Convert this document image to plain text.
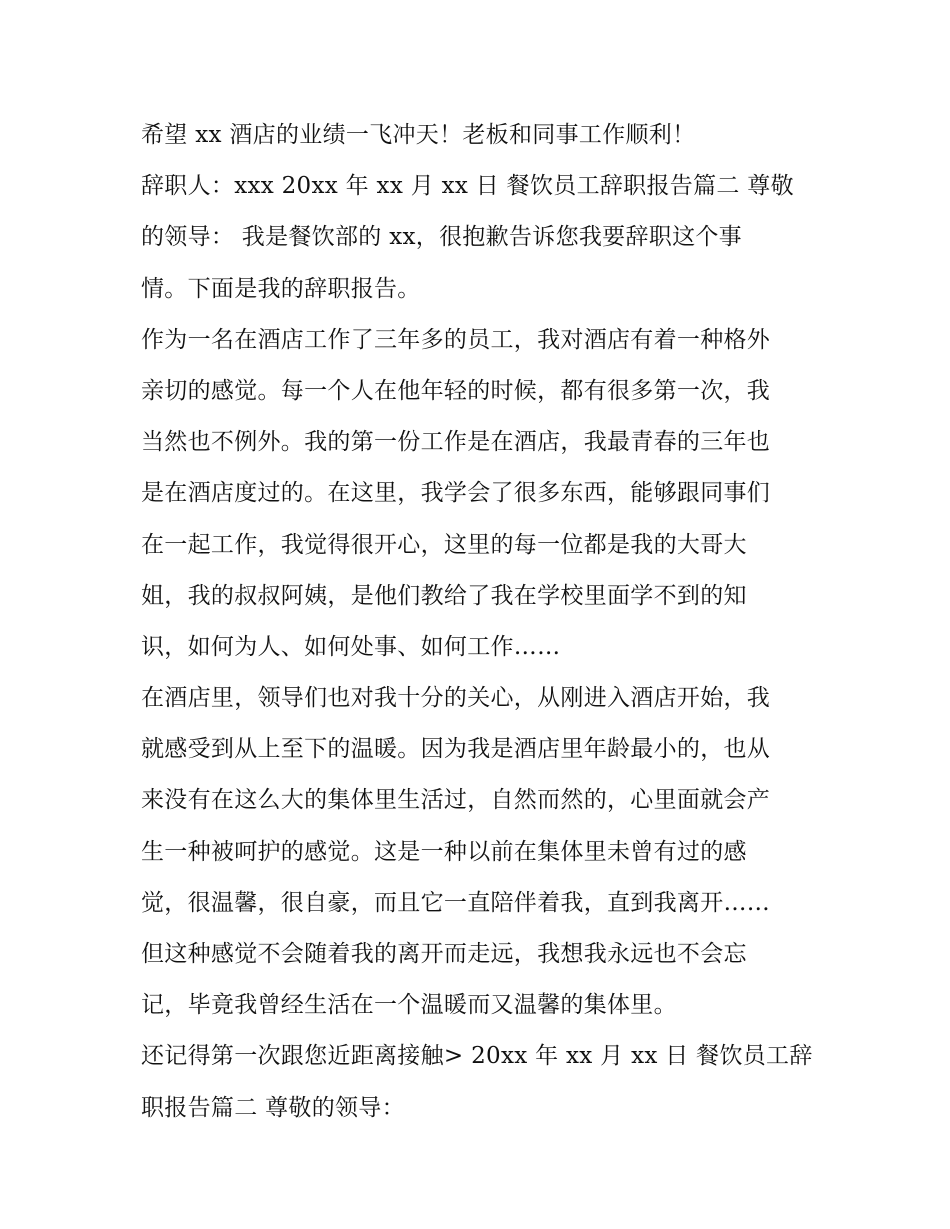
希望 xx 酒店的业绩一飞冲天！老板和同事工作顺利！
辞职人：xxx 20xx 年 xx 月 xx 日 餐饮员工辞职报告篇二 尊敬
的领导： 我是餐饮部的 xx，很抱歉告诉您我要辞职这个事
情。下面是我的辞职报告。
作为一名在酒店工作了三年多的员工，我对酒店有着一种格外
亲切的感觉。每一个人在他年轻的时候，都有很多第一次，我
当然也不例外。我的第一份工作是在酒店，我最青春的三年也
是在酒店度过的。在这里，我学会了很多东西，能够跟同事们
在一起工作，我觉得很开心，这里的每一位都是我的大哥大
姐，我的叔叔阿姨，是他们教给了我在学校里面学不到的知
识，如何为人、如何处事、如何工作……
在酒店里，领导们也对我十分的关心，从刚进入酒店开始，我
就感受到从上至下的温暖。因为我是酒店里年龄最小的，也从
来没有在这么大的集体里生活过，自然而然的，心里面就会产
生一种被呵护的感觉。这是一种以前在集体里未曾有过的感
觉，很温馨，很自豪，而且它一直陪伴着我，直到我离开……
但这种感觉不会随着我的离开而走远，我想我永远也不会忘
记，毕竟我曾经生活在一个温暖而又温馨的集体里。
还记得第一次跟您近距离接触> 20xx 年 xx 月 xx 日 餐饮员工辞
职报告篇二 尊敬的领导：
